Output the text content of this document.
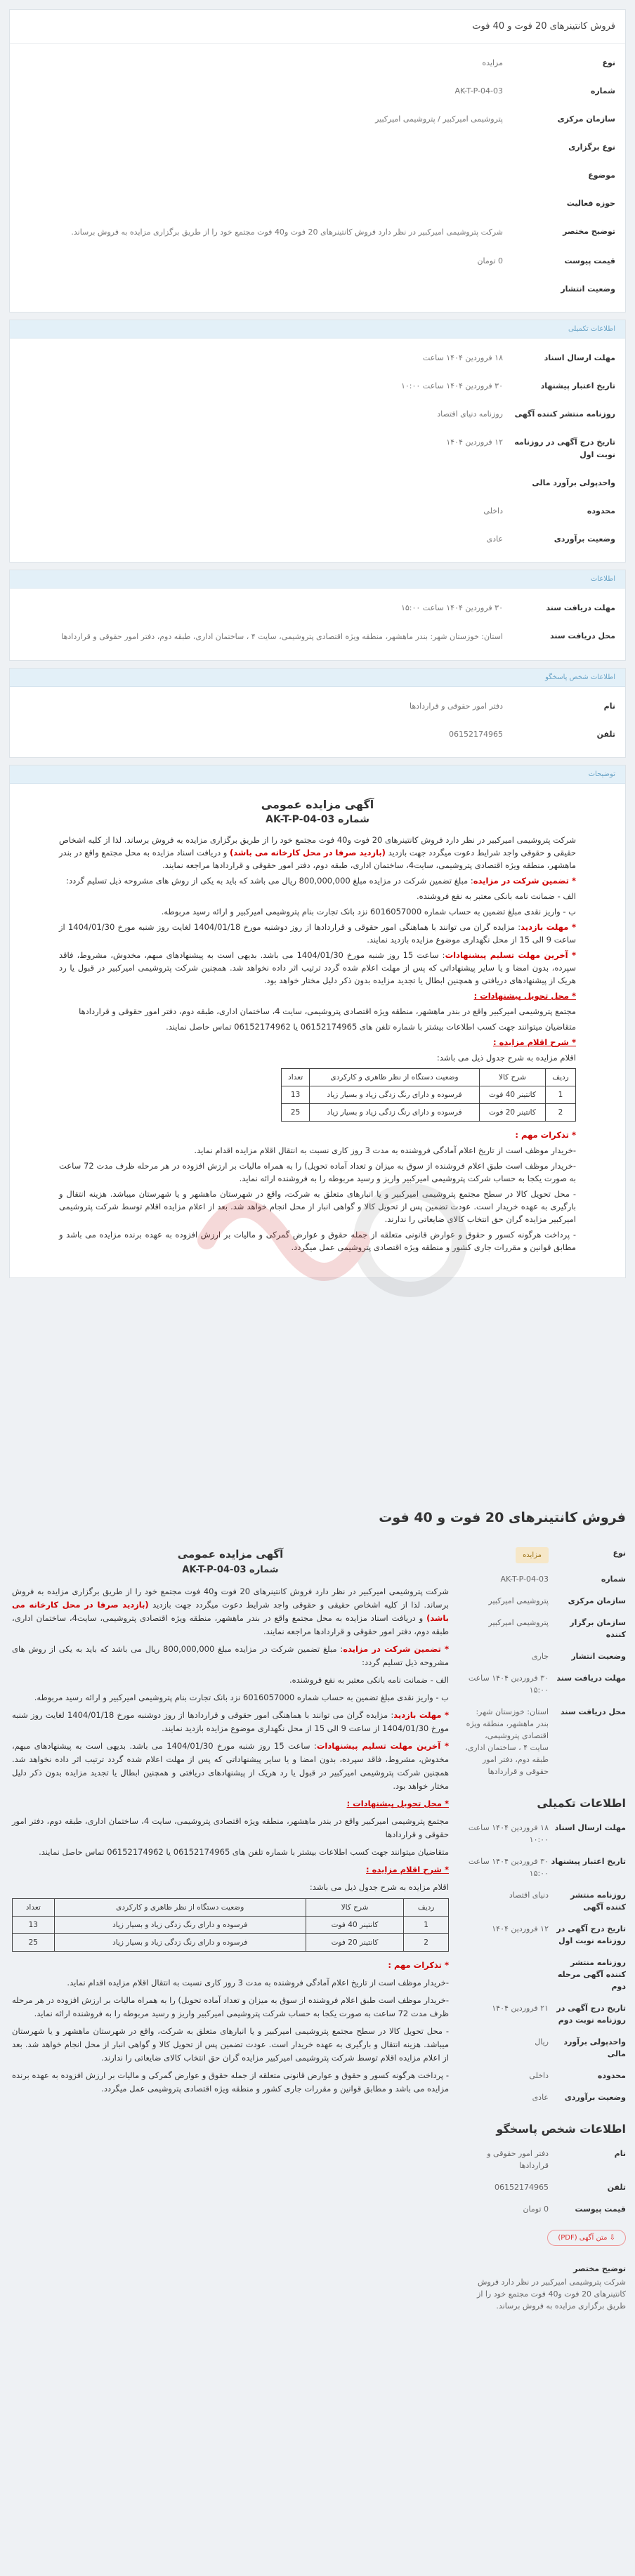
فروش کانتینرهای 20 فوت و 40 فوت
نوع
مزایده
شماره
AK-T-P-04-03
سازمان مرکزی
پتروشیمی امیرکبیر / پتروشیمی امیرکبیر
نوع برگزاری
موضوع
حوزه فعالیت
توضیح مختصر
شرکت پتروشیمی امیرکبیر در نظر دارد فروش کانتینرهای 20 فوت و40 فوت مجتمع خود را از طریق برگزاری مزایده به فروش برساند.
قیمت پیوست
0 تومان
وضعیت انتشار
اطلاعات تکمیلی
مهلت ارسال اسناد
۱۸ فروردین ۱۴۰۴ ساعت
تاریخ اعتبار پیشنهاد
۳۰ فروردین ۱۴۰۴ ساعت ۱۰:۰۰
روزنامه منتشر کننده آگهی
روزنامه دنیای اقتصاد
تاریخ درج آگهی در روزنامه نوبت اول
۱۲ فروردین ۱۴۰۴
واحدپولی برآورد مالی
محدوده
داخلی
وضعیت برآوردی
عادی
اطلاعات
مهلت دریافت سند
۳۰ فروردین ۱۴۰۴ ساعت ۱۵:۰۰
محل دریافت سند
استان: خوزستان شهر: بندر ماهشهر، منطقه ویژه اقتصادی پتروشیمی، سایت ۴ ، ساختمان اداری، طبقه دوم، دفتر امور حقوقی و قراردادها
اطلاعات شخص پاسخگو
نام
دفتر امور حقوقی و قراردادها
تلفن
06152174965
توضیحات
آگهی مزایده عمومی
شماره AK-T-P-04-03

شرکت پتروشیمی امیرکبیر در نظر دارد فروش کانتینرهای 20 فوت و40 فوت مجتمع خود را از طریق برگزاری مزایده به فروش برساند. لذا از کلیه اشخاص حقیقی و حقوقی واجد شرایط دعوت میگردد جهت بازدید (بازدید صرفا در محل کارخانه می باشد) و دریافت اسناد مزایده به محل مجتمع واقع در بندر ماهشهر، منطقه ویژه اقتصادی پتروشیمی، سایت4، ساختمان اداری، طبقه دوم، دفتر امور حقوقی و قراردادها مراجعه نمایند.

* تضمین شرکت در مزایده: مبلغ تضمین شرکت در مزایده مبلغ 800,000,000 ریال می باشد که باید به یکی از روش های مشروحه ذیل تسلیم گردد:

الف - ضمانت نامه بانکی معتبر به نفع فروشنده.

ب - واریز نقدی مبلغ تضمین به حساب شماره 6016057000 نزد بانک تجارت بنام پتروشیمی امیرکبیر و ارائه رسید مربوطه.

* مهلت بازدید: مزایده گران می توانند با هماهنگی امور حقوقی و قراردادها از روز دوشنبه مورخ 1404/01/18 لغایت روز شنبه مورخ 1404/01/30 از ساعت 9 الی 15 از محل نگهداری موضوع مزایده بازدید نمایند.

* آخرین مهلت تسلیم پیشنهادات: ساعت 15 روز شنبه مورخ 1404/01/30 می باشد. بدیهی است به پیشنهادهای مبهم، مخدوش، مشروط، فاقد سپرده، بدون امضا و یا سایر پیشنهاداتی که پس از مهلت اعلام شده گردد ترتیب اثر داده نخواهد شد. همچنین شرکت پتروشیمی امیرکبیر در قبول یا رد هریک از پیشنهادهای دریافتی و همچنین ابطال یا تجدید مزایده بدون ذکر دلیل مختار خواهد بود.

* محل تحویل پیشنهادات :

مجتمع پتروشیمی امیرکبیر واقع در بندر ماهشهر، منطقه ویژه اقتصادی پتروشیمی، سایت 4، ساختمان اداری، طبقه دوم، دفتر امور حقوقی و قراردادها

متقاضیان میتوانند جهت کسب اطلاعات بیشتر با شماره تلفن های 06152174965 یا 06152174962 تماس حاصل نمایند.

* شرح اقلام مزایده :

اقلام مزایده به شرح جدول ذیل می باشد:

ردیف	شرح کالا	وضعیت دستگاه از نظر ظاهری و کارکردی	تعداد
1	کانتینر 40 فوت	فرسوده و دارای رنگ زدگی زیاد و بسیار زیاد	13
2	کانتینر 20 فوت	فرسوده و دارای رنگ زدگی زیاد و بسیار زیاد	25

* تذکرات مهم :

-خریدار موظف است از تاریخ اعلام آمادگی فروشنده به مدت 3 روز کاری نسبت به انتقال اقلام مزایده اقدام نماید.

-خریدار موظف است طبق اعلام فروشنده از سوق به میزان و تعداد آماده تحویل) را به همراه مالیات بر ارزش افزوده در هر مرحله ظرف مدت 72 ساعت به صورت یکجا به حساب شرکت پتروشیمی امیرکبیر واریز و رسید مربوطه را به فروشنده ارائه نماید.

- محل تحویل کالا در سطح مجتمع پتروشیمی امیرکبیر و یا انبارهای متعلق به شرکت، واقع در شهرستان ماهشهر و یا شهرستان میباشد. هزینه انتقال و بارگیری به عهده خریدار است. عودت تضمین پس از تحویل کالا و گواهی انبار از محل انجام خواهد شد. بعد از اعلام مزایده اقلام توسط شرکت پتروشیمی امیرکبیر مزایده گران حق انتخاب کالای ضایعاتی را ندارند.

- پرداخت هرگونه کسور و حقوق و عوارض قانونی متعلقه از جمله حقوق و عوارض گمرکی و مالیات بر ارزش افزوده به عهده برنده مزایده می باشد و مطابق قوانین و مقررات جاری کشور و منطقه ویژه اقتصادی پتروشیمی عمل میگردد.

فروش کانتینرهای 20 فوت و 40 فوت
نوع
مزایده
شماره
AK-T-P-04-03
سازمان مرکزی
پتروشیمی امیرکبیر
سازمان برگزار کننده
پتروشیمی امیرکبیر
وضعیت انتشار
جاری
مهلت دریافت سند
۳۰ فروردین ۱۴۰۴ ساعت ۱۵:۰۰
محل دریافت سند
استان: خوزستان شهر: بندر ماهشهر، منطقه ویژه اقتصادی پتروشیمی، سایت ۴ ، ساختمان اداری، طبقه دوم، دفتر امور حقوقی و قراردادها
اطلاعات تکمیلی
مهلت ارسال اسناد
۱۸ فروردین ۱۴۰۴ ساعت ۱۰:۰۰
تاریخ اعتبار پیشنهاد
۳۰ فروردین ۱۴۰۴ ساعت ۱۵:۰۰
روزنامه منتشر کننده آگهی
دنیای اقتصاد
تاریخ درج آگهی در روزنامه نوبت اول
۱۲ فروردین ۱۴۰۴
روزنامه منتشر کننده آگهی مرحله دوم
تاریخ درج آگهی در روزنامه نوبت دوم
۲۱ فروردین ۱۴۰۴
واحدپولی برآورد مالی
ریال
محدوده
داخلی
وضعیت برآوردی
عادی
اطلاعات شخص پاسخگو
نام
دفتر امور حقوقی و قراردادها
تلفن
06152174965
قیمت پیوست
0 تومان
⇩ متن آگهی (PDF)
توضیح مختصر
شرکت پتروشیمی امیرکبیر در نظر دارد فروش کانتینرهای 20 فوت و40 فوت مجتمع خود را از طریق برگزاری مزایده به فروش برساند.
آگهی مزایده عمومی
شماره AK-T-P-04-03

شرکت پتروشیمی امیرکبیر در نظر دارد فروش کانتینرهای 20 فوت و40 فوت مجتمع خود را از طریق برگزاری مزایده به فروش برساند. لذا از کلیه اشخاص حقیقی و حقوقی واجد شرایط دعوت میگردد جهت بازدید (بازدید صرفا در محل کارخانه می باشد) و دریافت اسناد مزایده به محل مجتمع واقع در بندر ماهشهر، منطقه ویژه اقتصادی پتروشیمی، سایت4، ساختمان اداری، طبقه دوم، دفتر امور حقوقی و قراردادها مراجعه نمایند.

* تضمین شرکت در مزایده: مبلغ تضمین شرکت در مزایده مبلغ 800,000,000 ریال می باشد که باید به یکی از روش های مشروحه ذیل تسلیم گردد:

الف - ضمانت نامه بانکی معتبر به نفع فروشنده.

ب - واریز نقدی مبلغ تضمین به حساب شماره 6016057000 نزد بانک تجارت بنام پتروشیمی امیرکبیر و ارائه رسید مربوطه.

* مهلت بازدید: مزایده گران می توانند با هماهنگی امور حقوقی و قراردادها از روز دوشنبه مورخ 1404/01/18 لغایت روز شنبه مورخ 1404/01/30 از ساعت 9 الی 15 از محل نگهداری موضوع مزایده بازدید نمایند.

* آخرین مهلت تسلیم پیشنهادات: ساعت 15 روز شنبه مورخ 1404/01/30 می باشد. بدیهی است به پیشنهادهای مبهم، مخدوش، مشروط، فاقد سپرده، بدون امضا و یا سایر پیشنهاداتی که پس از مهلت اعلام شده گردد ترتیب اثر داده نخواهد شد. همچنین شرکت پتروشیمی امیرکبیر در قبول یا رد هریک از پیشنهادهای دریافتی و همچنین ابطال یا تجدید مزایده بدون ذکر دلیل مختار خواهد بود.

* محل تحویل پیشنهادات :

مجتمع پتروشیمی امیرکبیر واقع در بندر ماهشهر، منطقه ویژه اقتصادی پتروشیمی، سایت 4، ساختمان اداری، طبقه دوم، دفتر امور حقوقی و قراردادها

متقاضیان میتوانند جهت کسب اطلاعات بیشتر با شماره تلفن های 06152174965 یا 06152174962 تماس حاصل نمایند.

* شرح اقلام مزایده :

اقلام مزایده به شرح جدول ذیل می باشد:

ردیف	شرح کالا	وضعیت دستگاه از نظر ظاهری و کارکردی	تعداد
1	کانتینر 40 فوت	فرسوده و دارای رنگ زدگی زیاد و بسیار زیاد	13
2	کانتینر 20 فوت	فرسوده و دارای رنگ زدگی زیاد و بسیار زیاد	25

* تذکرات مهم :

-خریدار موظف است از تاریخ اعلام آمادگی فروشنده به مدت 3 روز کاری نسبت به انتقال اقلام مزایده اقدام نماید.

-خریدار موظف است طبق اعلام فروشنده از سوق به میزان و تعداد آماده تحویل) را به همراه مالیات بر ارزش افزوده در هر مرحله ظرف مدت 72 ساعت به صورت یکجا به حساب شرکت پتروشیمی امیرکبیر واریز و رسید مربوطه را به فروشنده ارائه نماید.

- محل تحویل کالا در سطح مجتمع پتروشیمی امیرکبیر و یا انبارهای متعلق به شرکت، واقع در شهرستان ماهشهر و یا شهرستان میباشد. هزینه انتقال و بارگیری به عهده خریدار است. عودت تضمین پس از تحویل کالا و گواهی انبار از محل انجام خواهد شد. بعد از اعلام مزایده اقلام توسط شرکت پتروشیمی امیرکبیر مزایده گران حق انتخاب کالای ضایعاتی را ندارند.

- پرداخت هرگونه کسور و حقوق و عوارض قانونی متعلقه از جمله حقوق و عوارض گمرکی و مالیات بر ارزش افزوده به عهده برنده مزایده می باشد و مطابق قوانین و مقررات جاری کشور و منطقه ویژه اقتصادی پتروشیمی عمل میگردد.
